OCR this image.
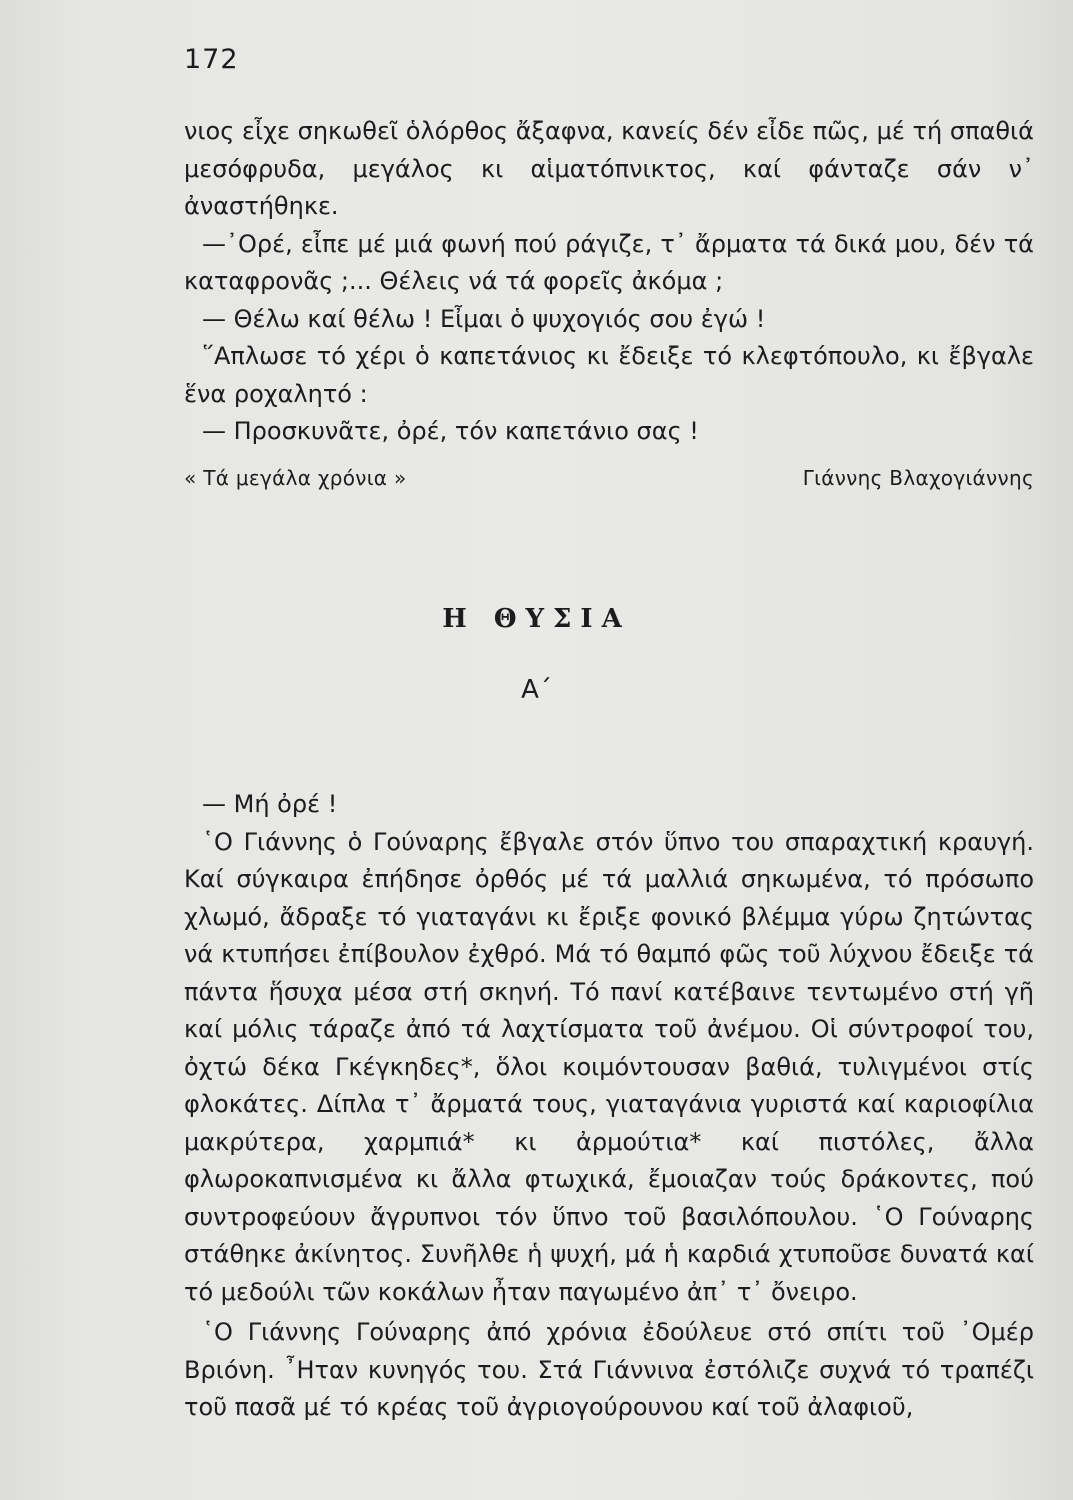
172

νιος εἶχε σηκωθεῖ ὁλόρθος ἄξαφνα, κανείς δέν εἶδε πῶς, μέ τή σπαθιά μεσόφρυδα, μεγάλος κι αἱματόπνικτος, καί φάνταζε σάν ν᾽ ἀναστήθηκε.

—᾽Ορέ, εἶπε μέ μιά φωνή πού ράγιζε, τ᾽ ἄρματα τά δικά μου, δέν τά καταφρονᾶς ;... Θέλεις νά τά φορεῖς ἀκόμα ;

— Θέλω καί θέλω ! Εἶμαι ὁ ψυχογιός σου ἐγώ !

῞Απλωσε τό χέρι ὁ καπετάνιος κι ἔδειξε τό κλεφτόπουλο, κι ἔβγαλε ἕνα ροχαλητό :

— Προσκυνᾶτε, ὀρέ, τόν καπετάνιο σας !

« Τά μεγάλα χρόνια »	Γιάννης Βλαχογιάννης
Η ΘΥΣΙΑ
Α΄

— Μή ὀρέ !

῾Ο Γιάννης ὁ Γούναρης ἔβγαλε στόν ὕπνο του σπαραχτική κραυγή. Καί σύγκαιρα ἐπήδησε ὀρθός μέ τά μαλλιά σηκωμένα, τό πρόσωπο χλωμό, ἄδραξε τό γιαταγάνι κι ἔριξε φονικό βλέμμα γύρω ζητώντας νά κτυπήσει ἐπίβουλον ἐχθρό. Μά τό θαμπό φῶς τοῦ λύχνου ἔδειξε τά πάντα ἥσυχα μέσα στή σκηνή. Τό πανί κατέβαινε τεντωμένο στή γῆ καί μόλις τάραζε ἀπό τά λαχτίσματα τοῦ ἀνέμου. Οἱ σύντροφοί του, ὀχτώ δέκα Γκέγκηδες*, ὅλοι κοιμόντουσαν βαθιά, τυλιγμένοι στίς φλοκάτες. Δίπλα τ᾽ ἄρματά τους, γιαταγάνια γυριστά καί καριοφίλια μακρύτερα, χαρμπιά* κι ἀρμούτια* καί πιστόλες, ἄλλα φλωροκαπνισμένα κι ἄλλα φτωχικά, ἔμοιαζαν τούς δράκοντες, πού συντροφεύουν ἄγρυπνοι τόν ὕπνο τοῦ βασιλόπουλου. ῾Ο Γούναρης στάθηκε ἀκίνητος. Συνῆλθε ἡ ψυχή, μά ἡ καρδιά χτυποῦσε δυνατά καί τό μεδούλι τῶν κοκάλων ἦταν παγωμένο ἀπ᾽ τ᾽ ὄνειρο.

῾Ο Γιάννης Γούναρης ἀπό χρόνια ἐδούλευε στό σπίτι τοῦ ᾽Ομέρ Βριόνη. ῏Ηταν κυνηγός του. Στά Γιάννινα ἐστόλιζε συχνά τό τραπέζι τοῦ πασᾶ μέ τό κρέας τοῦ ἀγριογούρουνου καί τοῦ ἀλαφιοῦ,
